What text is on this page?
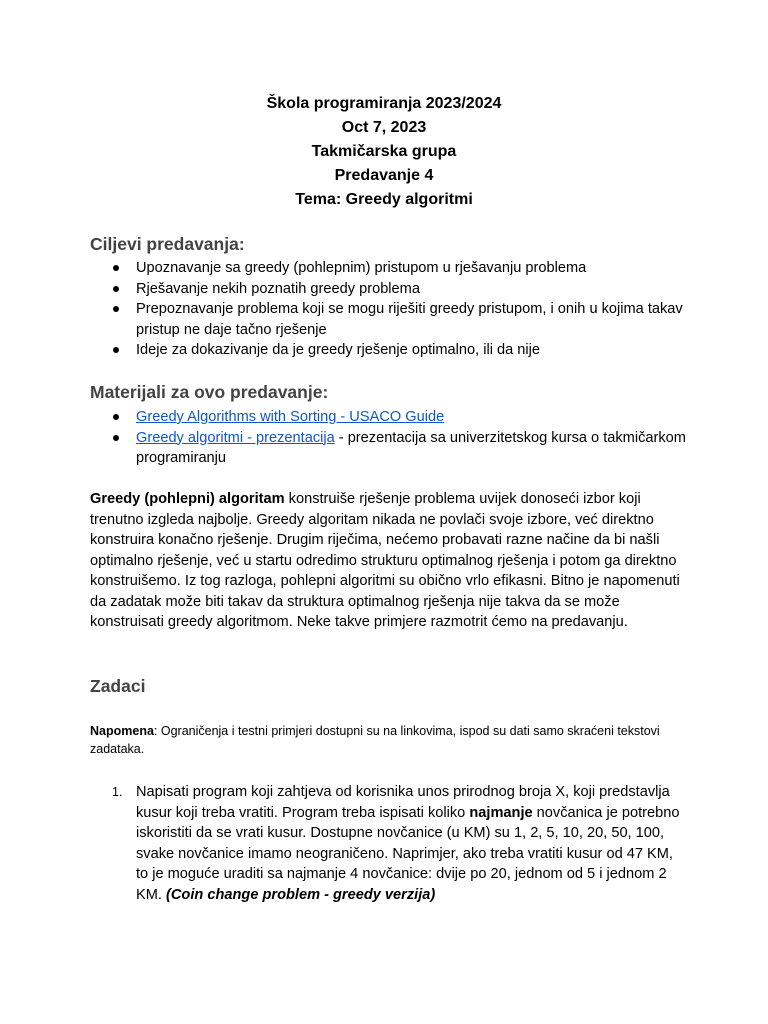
Škola programiranja 2023/2024

Oct 7, 2023

Takmičarska grupa

Predavanje 4

Tema: Greedy algoritmi

Ciljevi predavanja:
Upoznavanje sa greedy (pohlepnim) pristupom u rješavanju problema
Rješavanje nekih poznatih greedy problema
Prepoznavanje problema koji se mogu riješiti greedy pristupom, i onih u kojima takav pristup ne daje tačno rješenje
Ideje za dokazivanje da je greedy rješenje optimalno, ili da nije
Materijali za ovo predavanje:
Greedy Algorithms with Sorting - USACO Guide
Greedy algoritmi - prezentacija - prezentacija sa univerzitetskog kursa o takmičarkom programiranju

Greedy (pohlepni) algoritam konstruiše rješenje problema uvijek donoseći izbor koji trenutno izgleda najbolje. Greedy algoritam nikada ne povlači svoje izbore, već direktno konstruira konačno rješenje. Drugim riječima, nećemo probavati razne načine da bi našli optimalno rješenje, već u startu odredimo strukturu optimalnog rješenja i potom ga direktno konstruišemo. Iz tog razloga, pohlepni algoritmi su obično vrlo efikasni. Bitno je napomenuti da zadatak može biti takav da struktura optimalnog rješenja nije takva da se može konstruisati greedy algoritmom. Neke takve primjere razmotrit ćemo na predavanju.

Zadaci

Napomena: Ograničenja i testni primjeri dostupni su na linkovima, ispod su dati samo skraćeni tekstovi zadataka.

1. Napisati program koji zahtjeva od korisnika unos prirodnog broja X, koji predstavlja kusur koji treba vratiti. Program treba ispisati koliko najmanje novčanica je potrebno iskoristiti da se vrati kusur. Dostupne novčanice (u KM) su 1, 2, 5, 10, 20, 50, 100, svake novčanice imamo neograničeno. Naprimjer, ako treba vratiti kusur od 47 KM, to je moguće uraditi sa najmanje 4 novčanice: dvije po 20, jednom od 5 i jednom 2 KM. (Coin change problem - greedy verzija)
